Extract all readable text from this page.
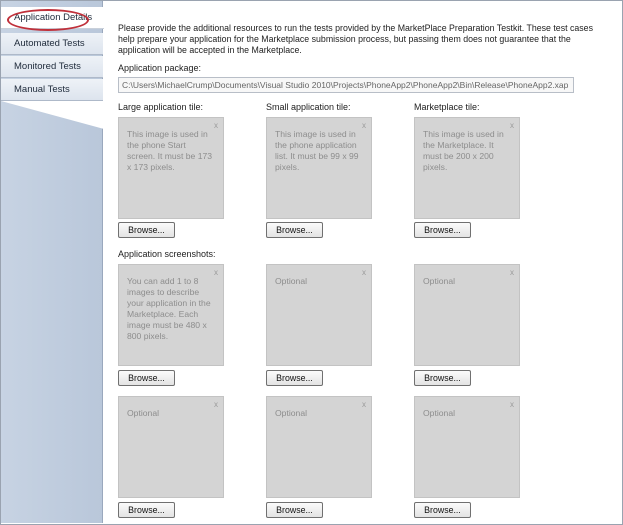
Application Details
Automated Tests
Monitored Tests
Manual Tests
Please provide the additional resources to run the tests provided by the MarketPlace Preparation Testkit. These test cases help prepare your application for the Marketplace submission process, but passing them does not guarantee that the application will be accepted in the Marketplace.
Application package:
C:\Users\MichaelCrump\Documents\Visual Studio 2010\Projects\PhoneApp2\PhoneApp2\Bin\Release\PhoneApp2.xap
Large application tile:	Small application tile:	Marketplace tile:
x
This image is used in the phone Start screen. It must be 173 x 173 pixels.
x
This image is used in the phone application list. It must be 99 x 99 pixels.
x
This image is used in the Marketplace. It must be 200 x 200 pixels.
Browse...	Browse...	Browse...
Application screenshots:
x
You can add 1 to 8 images to describe your application in the Marketplace. Each image must be 480 x 800 pixels.
x
Optional
x
Optional
Browse...	Browse...	Browse...
x
Optional
x
Optional
x
Optional
Browse...	Browse...	Browse...
